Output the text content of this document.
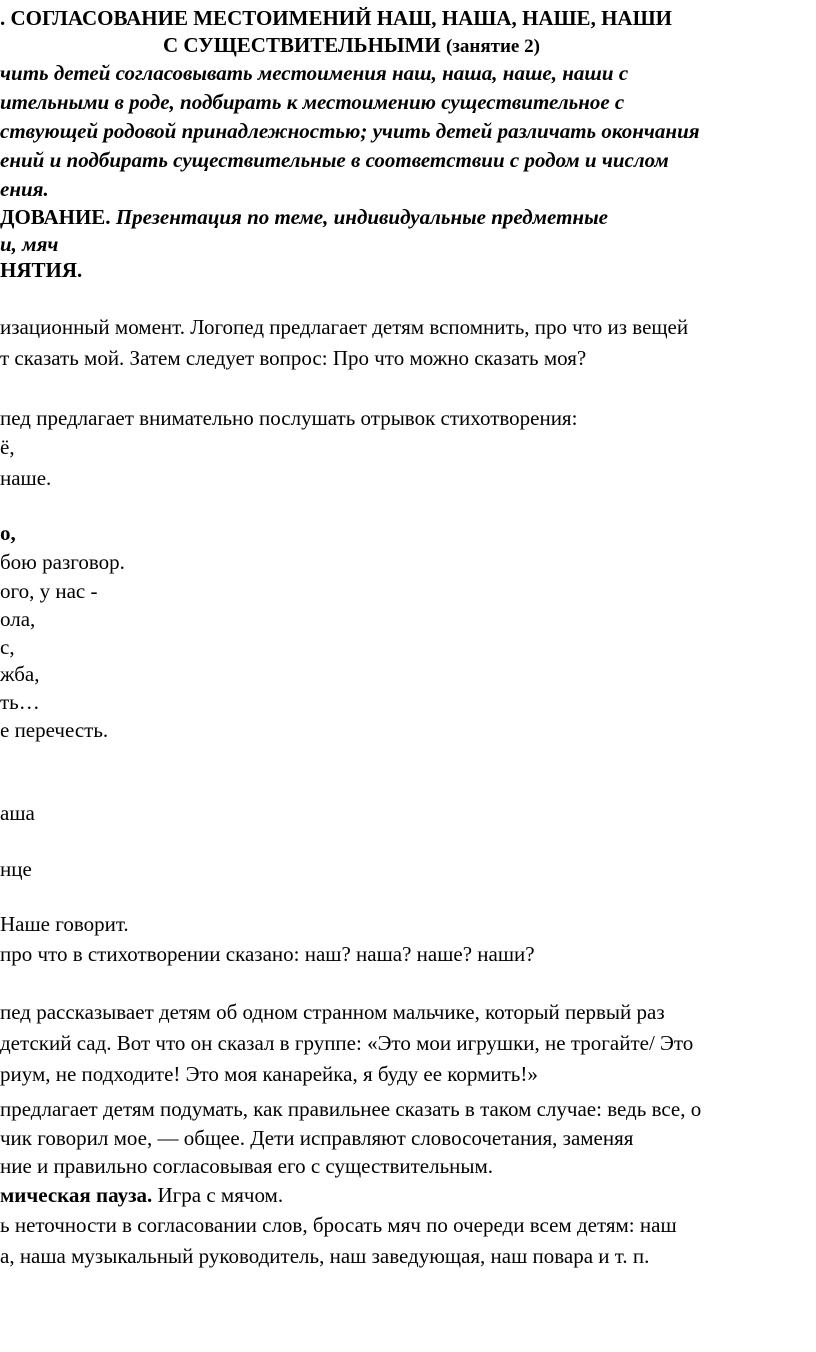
. СОГЛАСОВАНИЕ МЕСТОИМЕНИЙ НАШ, НАША, НАШЕ, НАШИ
С СУЩЕСТВИТЕЛЬНЫМИ (занятие 2)
чить детей согласовывать местоимения наш, наша, наше, наши с
ительными в роде, подбирать к местоимению существительное с
ствующей родовой принадлежностью; учить детей различать окончания
ений и подбирать существительные в соответствии с родом и числом
ения.
ДОВАНИЕ. Презентация по теме, индивидуальные предметные
и, мяч
НЯТИЯ.
изационный момент. Логопед предлагает детям вспомнить, про что из вещей
т сказать мой. Затем следует вопрос: Про что можно сказать моя?
пед предлагает внимательно послушать отрывок стихотворения:
ё,
наше.
о,
бою разговор.
ого, у нас -
ола,
с,
жба,
ть…
е перечесть.
аша
нце
Наше говорит.
про что в стихотворении сказано: наш? наша? наше? наши?
пед рассказывает детям об одном странном мальчике, который первый раз
детский сад. Вот что он сказал в группе: «Это мои игрушки, не трогайте/ Это
риум, не подходите! Это моя канарейка, я буду ее кормить!»
предлагает детям подумать, как правильнее сказать в таком случае: ведь все, о
чик говорил мое, — общее. Дети исправляют словосочетания, заменяя
ние и правильно согласовывая его с существительным.
мическая пауза. Игра с мячом.
ь неточности в согласовании слов, бросать мяч по очереди всем детям: наш
а, наша музыкальный руководитель, наш заведующая, наш повара и т. п.
